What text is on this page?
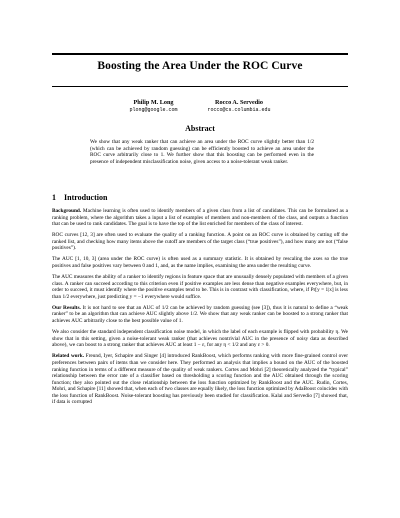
Boosting the Area Under the ROC Curve
Philip M. Long
plong@google.com
Rocco A. Servedio
rocco@cs.columbia.edu
Abstract
We show that any weak ranker that can achieve an area under the ROC curve slightly better than 1/2 (which can be achieved by random guessing) can be efficiently boosted to achieve an area under the ROC curve arbitrarily close to 1. We further show that this boosting can be performed even in the presence of independent misclassification noise, given access to a noise-tolerant weak ranker.
1 Introduction

Background. Machine learning is often used to identify members of a given class from a list of candidates. This can be formulated as a ranking problem, where the algorithm takes a input a list of examples of members and non-members of the class, and outputs a function that can be used to rank candidates. The goal is to have the top of the list enriched for members of the class of interest.

ROC curves [12, 3] are often used to evaluate the quality of a ranking function. A point on an ROC curve is obtained by cutting off the ranked list, and checking how many items above the cutoff are members of the target class (“true positives”), and how many are not (“false positives”).

The AUC [1, 10, 3] (area under the ROC curve) is often used as a summary statistic. It is obtained by rescaling the axes so the true positives and false positives vary between 0 and 1, and, as the name implies, examining the area under the resulting curve.

The AUC measures the ability of a ranker to identify regions in feature space that are unusually densely populated with members of a given class. A ranker can succeed according to this criterion even if positive examples are less dense than negative examples everywhere, but, in order to succeed, it must identify where the positive examples tend to be. This is in contrast with classification, where, if Pr[y = 1|x] is less than 1/2 everywhere, just predicting y = −1 everywhere would suffice.

Our Results. It is not hard to see that an AUC of 1/2 can be achieved by random guessing (see [3]), thus it is natural to define a “weak ranker” to be an algorithm that can achieve AUC slightly above 1/2. We show that any weak ranker can be boosted to a strong ranker that achieves AUC arbitrarily close to the best possible value of 1.

We also consider the standard independent classification noise model, in which the label of each example is flipped with probability η. We show that in this setting, given a noise-tolerant weak ranker (that achieves nontrivial AUC in the presence of noisy data as described above), we can boost to a strong ranker that achieves AUC at least 1 − ε, for any η < 1/2 and any ε > 0.

Related work. Freund, Iyer, Schapire and Singer [4] introduced RankBoost, which performs ranking with more fine-grained control over preferences between pairs of items than we consider here. They performed an analysis that implies a bound on the AUC of the boosted ranking function in terms of a different measure of the quality of weak rankers. Cortes and Mohri [2] theoretically analyzed the “typical” relationship between the error rate of a classifier based on thresholding a scoring function and the AUC obtained through the scoring function; they also pointed out the close relationship between the loss function optimized by RankBoost and the AUC. Rudin, Cortes, Mohri, and Schapire [11] showed that, when each of two classes are equally likely, the loss function optimized by AdaBoost coincides with the loss function of RankBoost. Noise-tolerant boosting has previously been studied for classification. Kalai and Servedio [7] showed that, if data is corrupted
